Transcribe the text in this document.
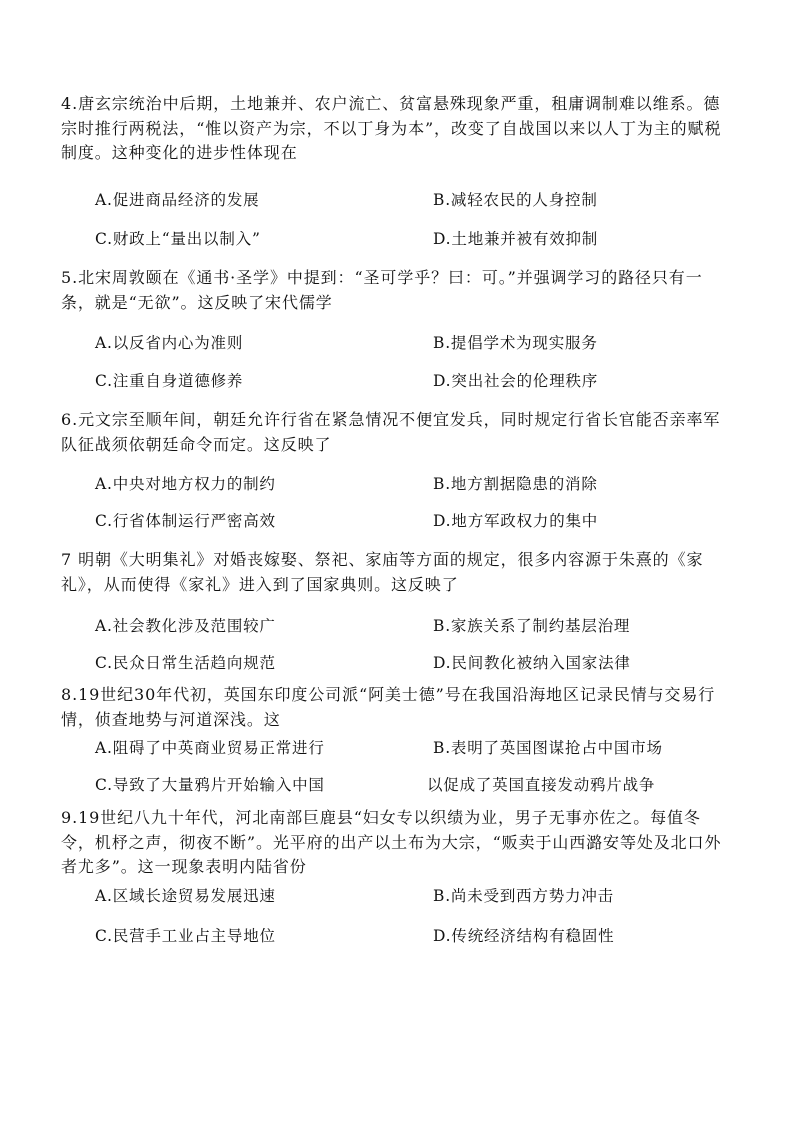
4.唐玄宗统治中后期，土地兼并、农户流亡、贫富悬殊现象严重，租庸调制难以维系。德宗时推行两税法，“惟以资产为宗，不以丁身为本”，改变了自战国以来以人丁为主的赋税制度。这种变化的进步性体现在
A.促进商品经济的发展	B.减轻农民的人身控制
C.财政上“量出以制入”	D.土地兼并被有效抑制
5.北宋周敦颐在《通书·圣学》中提到：“圣可学乎？曰：可。”并强调学习的路径只有一条，就是“无欲”。这反映了宋代儒学
A.以反省内心为准则	B.提倡学术为现实服务
C.注重自身道德修养	D.突出社会的伦理秩序
6.元文宗至顺年间，朝廷允许行省在紧急情况不便宜发兵，同时规定行省长官能否亲率军队征战须依朝廷命令而定。这反映了
A.中央对地方权力的制约	B.地方割据隐患的消除
C.行省体制运行严密高效	D.地方军政权力的集中
7 明朝《大明集礼》对婚丧嫁娶、祭祀、家庙等方面的规定，很多内容源于朱熹的《家礼》，从而使得《家礼》进入到了国家典则。这反映了
A.社会教化涉及范围较广	B.家族关系了制约基层治理
C.民众日常生活趋向规范	D.民间教化被纳入国家法律
8.19世纪30年代初，英国东印度公司派“阿美士德”号在我国沿海地区记录民情与交易行情，侦查地势与河道深浅。这
A.阻碍了中英商业贸易正常进行	B.表明了英国图谋抢占中国市场
C.导致了大量鸦片开始输入中国	以促成了英国直接发动鸦片战争
9.19世纪八九十年代，河北南部巨鹿县“妇女专以织绩为业，男子无事亦佐之。每值冬令，机杼之声，彻夜不断”。光平府的出产以土布为大宗，“贩卖于山西潞安等处及北口外者尤多”。这一现象表明内陆省份
A.区域长途贸易发展迅速	B.尚未受到西方势力冲击
C.民营手工业占主导地位	D.传统经济结构有稳固性
